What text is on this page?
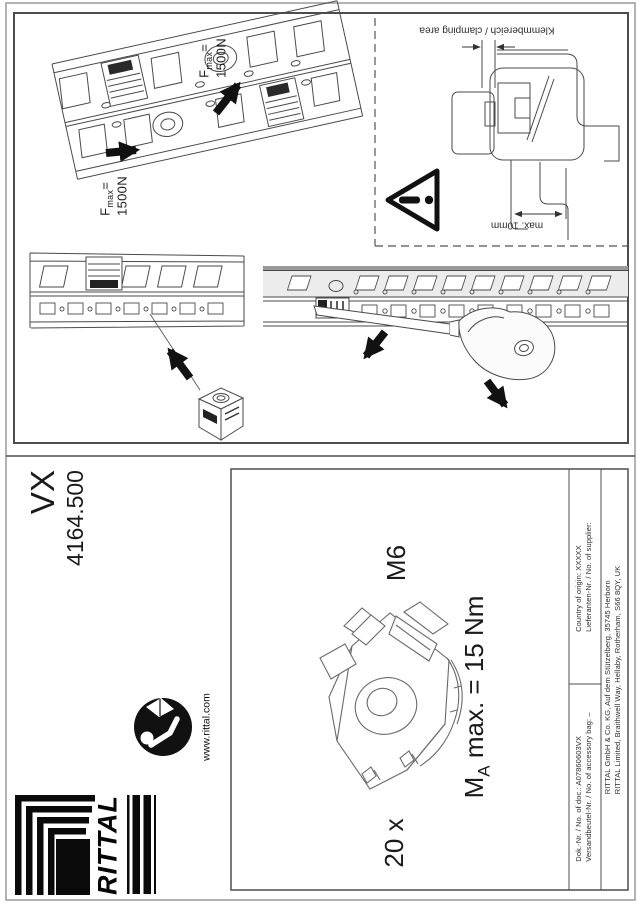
$F_{max}= 1500N$
$F_{max}= 1500N$
Klemmbereich / clamping area
max. 10mm
VX 4164.500
www.rittal.com
RITTAL	20 x
M6
$M_A$ max. = 15 Nm
Country of origin: XXXXX Lieferanten-Nr. / No. of supplier:
Dok.-Nr. / No. of doc.: A07860603VX Versandbeutel-Nr. / No. of accessory bag: – RITTAL GmbH & Co. KG, Auf dem Stützelberg, 35745 Herborn RITTAL Limited, Braithwell Way, Hellaby, Rotherham, S66 8QY, UK
